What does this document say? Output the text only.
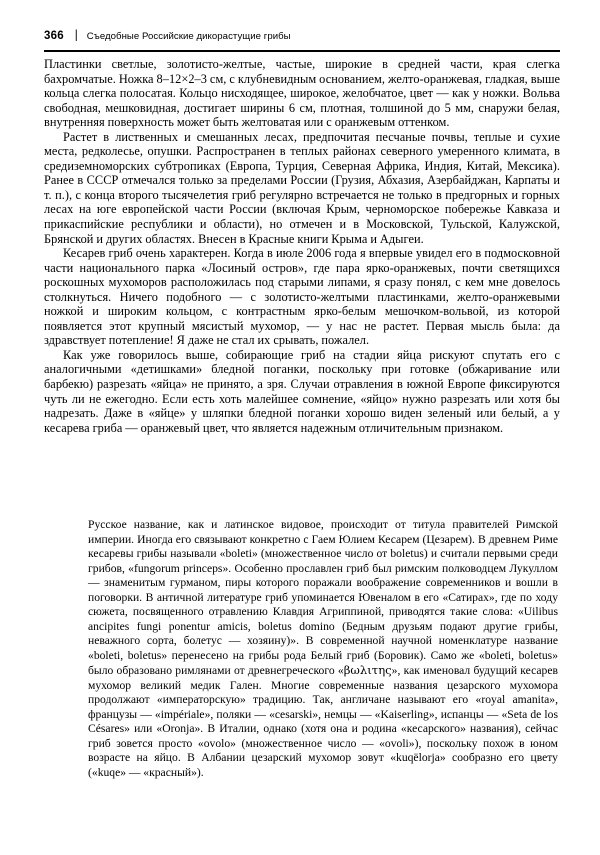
366 | Съедобные Российские дикорастущие грибы

Пластинки светлые, золотисто-желтые, частые, широкие в средней части, края слегка бахромчатые. Ножка 8–12×2–3 см, с клубневидным основанием, желто-оранжевая, гладкая, выше кольца слегка полосатая. Кольцо нисходящее, широкое, желобчатое, цвет — как у ножки. Вольва свободная, мешковидная, достигает ширины 6 см, плотная, толшиной до 5 мм, снаружи белая, внутренняя поверхность может быть желтоватая или с оранжевым оттенком.

Растет в лиственных и смешанных лесах, предпочитая песчаные почвы, теплые и сухие места, редколесье, опушки. Распространен в теплых районах северного умеренного климата, в средиземноморских субтропиках (Европа, Турция, Северная Африка, Индия, Китай, Мексика). Ранее в СССР отмечался только за пределами России (Грузия, Абхазия, Азербайджан, Карпаты и т. п.), с конца второго тысячелетия гриб регулярно встречается не только в предгорных и горных лесах на юге европейской части России (включая Крым, черноморское побережье Кавказа и прикаспийские республики и области), но отмечен и в Московской, Тульской, Калужской, Брянской и других областях. Внесен в Красные книги Крыма и Адыгеи.

Кесарев гриб очень характерен. Когда в июле 2006 года я впервые увидел его в подмосковной части национального парка «Лосиный остров», где пара ярко-оранжевых, почти светящихся роскошных мухоморов расположилась под старыми липами, я сразу понял, с кем мне довелось столкнуться. Ничего подобного — с золотисто-желтыми пластинками, желто-оранжевыми ножкой и широким кольцом, с контрастным ярко-белым мешочком-вольвой, из которой появляется этот крупный мясистый мухомор, — у нас не растет. Первая мысль была: да здравствует потепление! Я даже не стал их срывать, пожалел.

Как уже говорилось выше, собирающие гриб на стадии яйца рискуют спутать его с аналогичными «детишками» бледной поганки, поскольку при готовке (обжаривание или барбекю) разрезать «яйца» не принято, а зря. Случаи отравления в южной Европе фиксируются чуть ли не ежегодно. Если есть хоть малейшее сомнение, «яйцо» нужно разрезать или хотя бы надрезать. Даже в «яйце» у шляпки бледной поганки хорошо виден зеленый или белый, а у кесарева гриба — оранжевый цвет, что является надежным отличительным признаком.

Русское название, как и латинское видовое, происходит от титула правителей Римской империи. Иногда его связывают конкретно с Гаем Юлием Кесарем (Цезарем). В древнем Риме кесаревы грибы называли «boleti» (множественное число от boletus) и считали первыми среди грибов, «fungorum princeps». Особенно прославлен гриб был римским полководцем Лукуллом — знаменитым гурманом, пиры которого поражали воображение современников и вошли в поговорки. В античной литературе гриб упоминается Ювеналом в его «Сатирах», где по ходу сюжета, посвященного отравлению Клавдия Агриппиной, приводятся такие слова: «Uilibus ancipites fungi ponentur amicis, boletus domino (Бедным друзьям подают другие грибы, неважного сорта, болетус — хозяину)». В современной научной номенклатуре название «boleti, boletus» перенесено на грибы рода Белый гриб (Боровик). Само же «boleti, boletus» было образовано римлянами от древнегреческого «βωλιτης», как именовал будущий кесарев мухомор великий медик Гален. Многие современные названия цезарского мухомора продолжают «императорскую» традицию. Так, англичане называют его «royal amanita», французы — «impériale», поляки — «cesarski», немцы — «Kaiserling», испанцы — «Seta de los Césares» или «Oronja». В Италии, однако (хотя она и родина «кесарского» названия), сейчас гриб зовется просто «ovolo» (множественное число — «ovoli»), поскольку похож в юном возрасте на яйцо. В Албании цезарский мухомор зовут «kuqëlorja» сообразно его цвету («kuqe» — «красный»).
